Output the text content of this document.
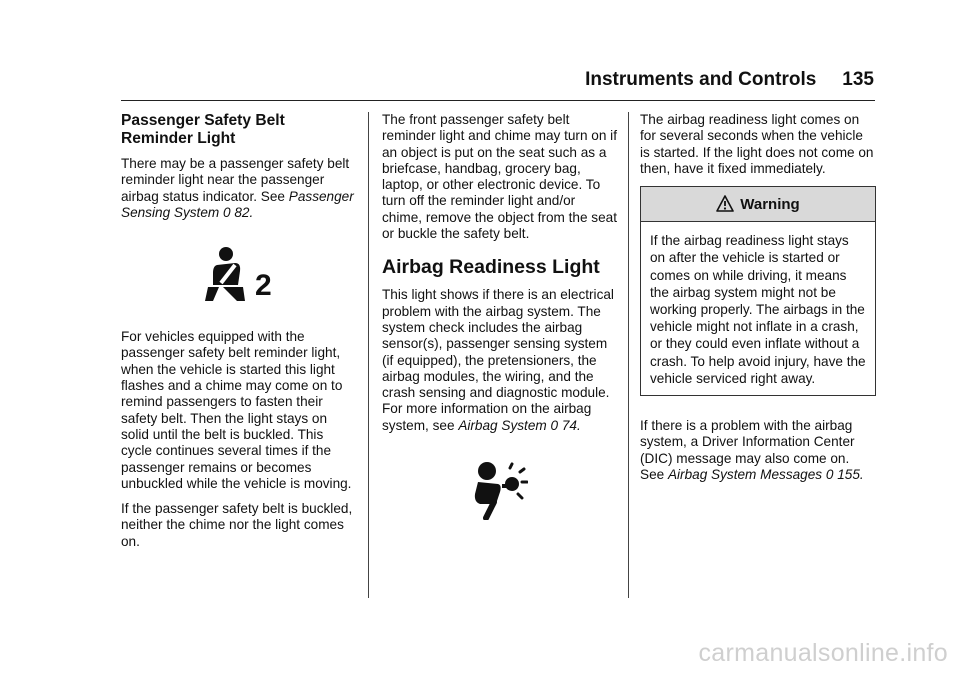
Instruments and Controls 135
Passenger Safety Belt Reminder Light

There may be a passenger safety belt reminder light near the passenger airbag status indicator. See Passenger Sensing System 0 82.

2

For vehicles equipped with the passenger safety belt reminder light, when the vehicle is started this light flashes and a chime may come on to remind passengers to fasten their safety belt. Then the light stays on solid until the belt is buckled. This cycle continues several times if the passenger remains or becomes unbuckled while the vehicle is moving.

If the passenger safety belt is buckled, neither the chime nor the light comes on.

The front passenger safety belt reminder light and chime may turn on if an object is put on the seat such as a briefcase, handbag, grocery bag, laptop, or other electronic device. To turn off the reminder light and/or chime, remove the object from the seat or buckle the safety belt.

Airbag Readiness Light

This light shows if there is an electrical problem with the airbag system. The system check includes the airbag sensor(s), passenger sensing system (if equipped), the pretensioners, the airbag modules, the wiring, and the crash sensing and diagnostic module. For more information on the airbag system, see Airbag System 0 74.

The airbag readiness light comes on for several seconds when the vehicle is started. If the light does not come on then, have it fixed immediately.

Warning
If the airbag readiness light stays on after the vehicle is started or comes on while driving, it means the airbag system might not be working properly. The airbags in the vehicle might not inflate in a crash, or they could even inflate without a crash. To help avoid injury, have the vehicle serviced right away.

If there is a problem with the airbag system, a Driver Information Center (DIC) message may also come on. See Airbag System Messages 0 155.

carmanualsonline.info
